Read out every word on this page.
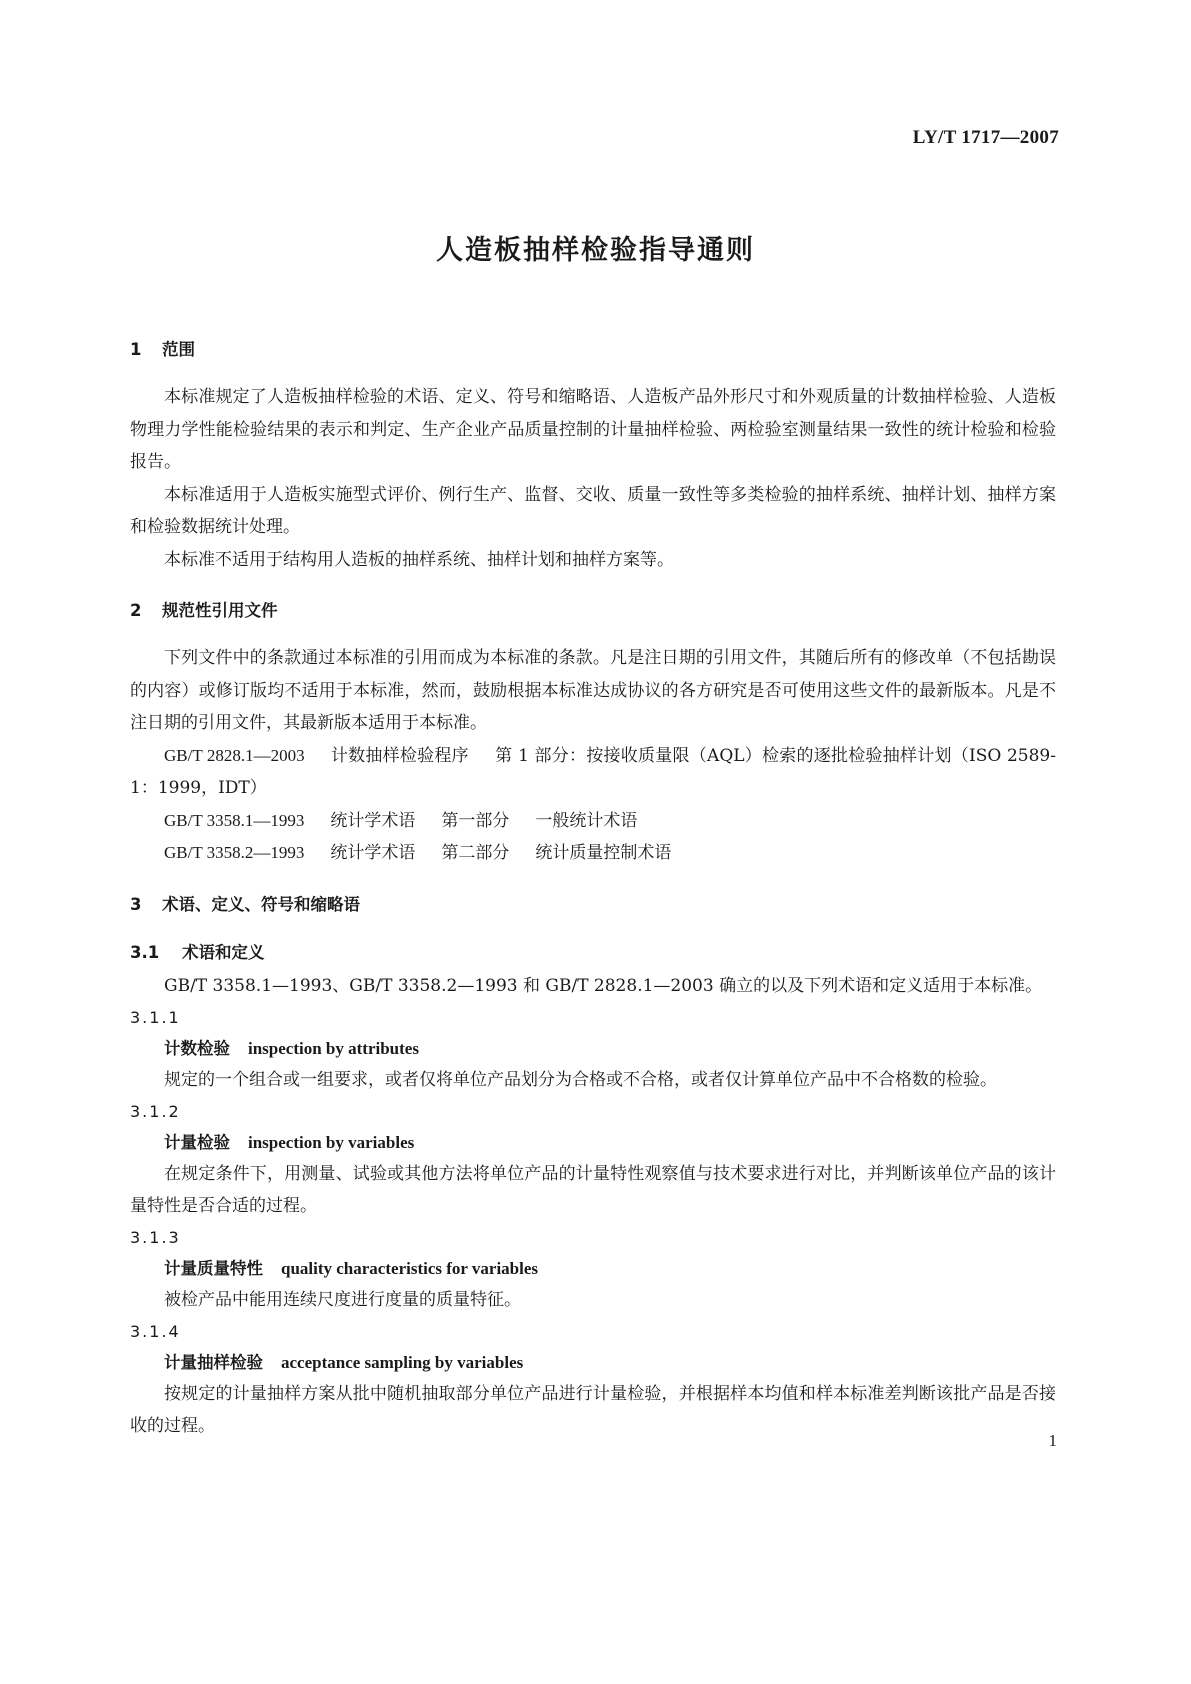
LY/T 1717—2007
人造板抽样检验指导通则
1	范围

本标准规定了人造板抽样检验的术语、定义、符号和缩略语、人造板产品外形尺寸和外观质量的计数抽样检验、人造板物理力学性能检验结果的表示和判定、生产企业产品质量控制的计量抽样检验、两检验室测量结果一致性的统计检验和检验报告。

本标准适用于人造板实施型式评价、例行生产、监督、交收、质量一致性等多类检验的抽样系统、抽样计划、抽样方案和检验数据统计处理。

本标准不适用于结构用人造板的抽样系统、抽样计划和抽样方案等。

2	规范性引用文件

下列文件中的条款通过本标准的引用而成为本标准的条款。凡是注日期的引用文件，其随后所有的修改单（不包括勘误的内容）或修订版均不适用于本标准，然而，鼓励根据本标准达成协议的各方研究是否可使用这些文件的最新版本。凡是不注日期的引用文件，其最新版本适用于本标准。

GB/T 2828.1—2003 计数抽样检验程序 第 1 部分：按接收质量限（AQL）检索的逐批检验抽样计划（ISO 2589-1：1999，IDT）
GB/T 3358.1—1993 统计学术语 第一部分 一般统计术语
GB/T 3358.2—1993 统计学术语 第二部分 统计质量控制术语
3	术语、定义、符号和缩略语
3.1	术语和定义

GB/T 3358.1—1993、GB/T 3358.2—1993 和 GB/T 2828.1—2003 确立的以及下列术语和定义适用于本标准。

3.1.1
计数检验 inspection by attributes

规定的一个组合或一组要求，或者仅将单位产品划分为合格或不合格，或者仅计算单位产品中不合格数的检验。

3.1.2
计量检验 inspection by variables

在规定条件下，用测量、试验或其他方法将单位产品的计量特性观察值与技术要求进行对比，并判断该单位产品的该计量特性是否合适的过程。

3.1.3
计量质量特性 quality characteristics for variables

被检产品中能用连续尺度进行度量的质量特征。

3.1.4
计量抽样检验 acceptance sampling by variables

按规定的计量抽样方案从批中随机抽取部分单位产品进行计量检验，并根据样本均值和样本标准差判断该批产品是否接收的过程。

1
